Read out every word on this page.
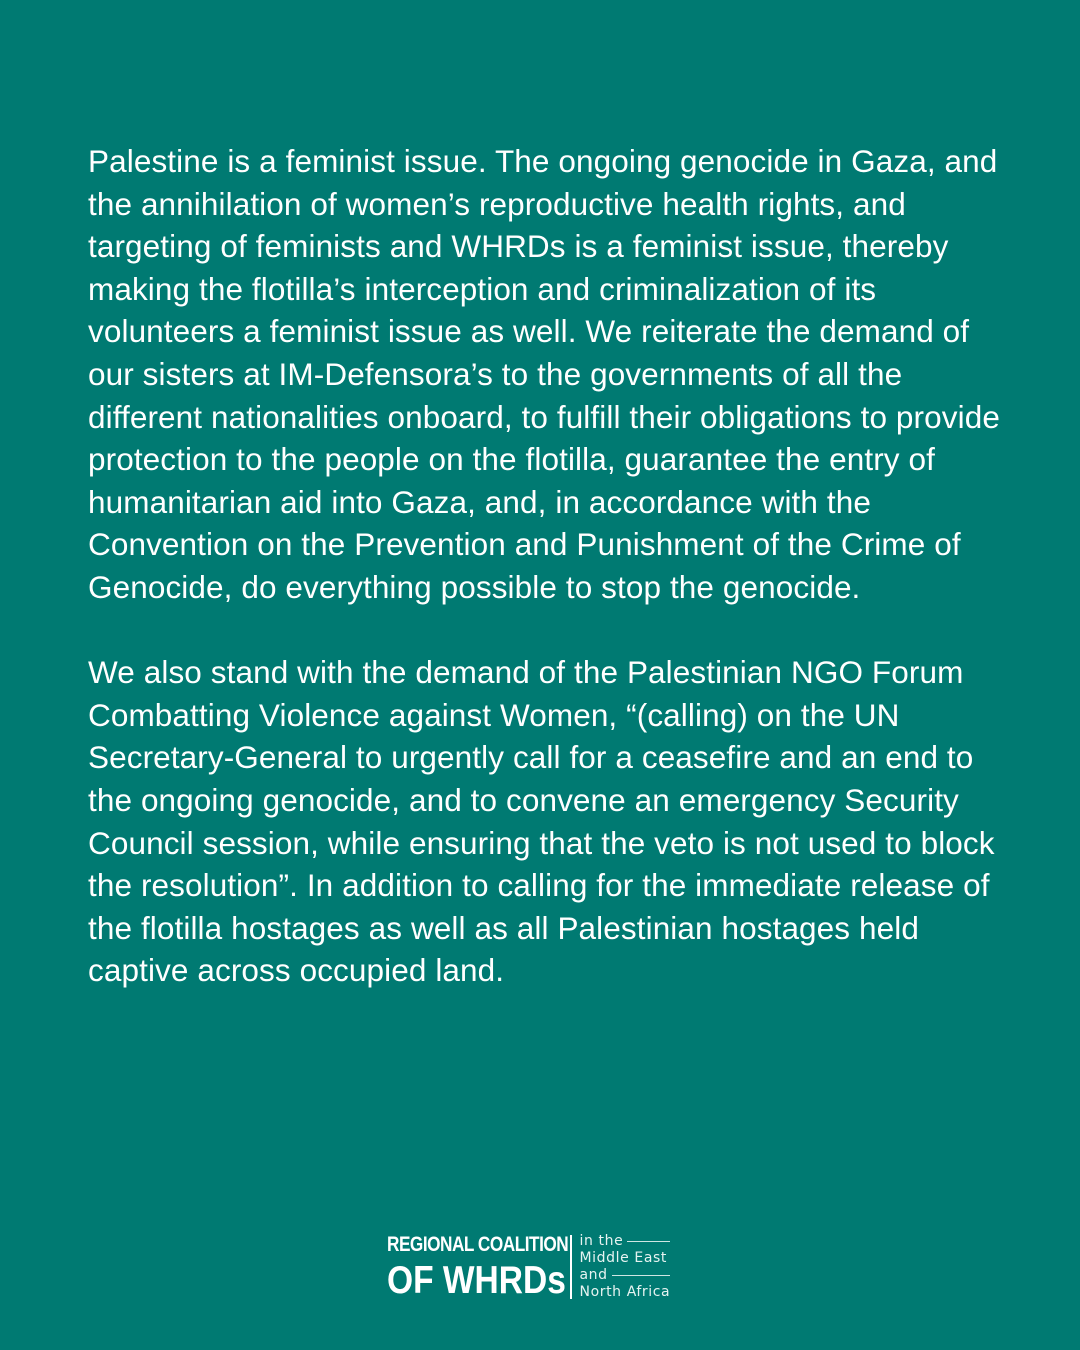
Palestine is a feminist issue. The ongoing genocide in Gaza, and the annihilation of women’s reproductive health rights, and targeting of feminists and WHRDs is a feminist issue, thereby making the flotilla’s interception and criminalization of its volunteers a feminist issue as well. We reiterate the demand of our sisters at IM-Defensora’s to the governments of all the different nationalities onboard, to fulfill their obligations to provide protection to the people on the flotilla, guarantee the entry of humanitarian aid into Gaza, and, in accordance with the Convention on the Prevention and Punishment of the Crime of Genocide, do everything possible to stop the genocide.

We also stand with the demand of the Palestinian NGO Forum Combatting Violence against Women, “(calling) on the UN Secretary-General to urgently call for a ceasefire and an end to the ongoing genocide, and to convene an emergency Security Council session, while ensuring that the veto is not used to block the resolution”. In addition to calling for the immediate release of the flotilla hostages as well as all Palestinian hostages held captive across occupied land.

REGIONAL COALITION
OF WHRDs
in the
Middle East
and
North Africa
